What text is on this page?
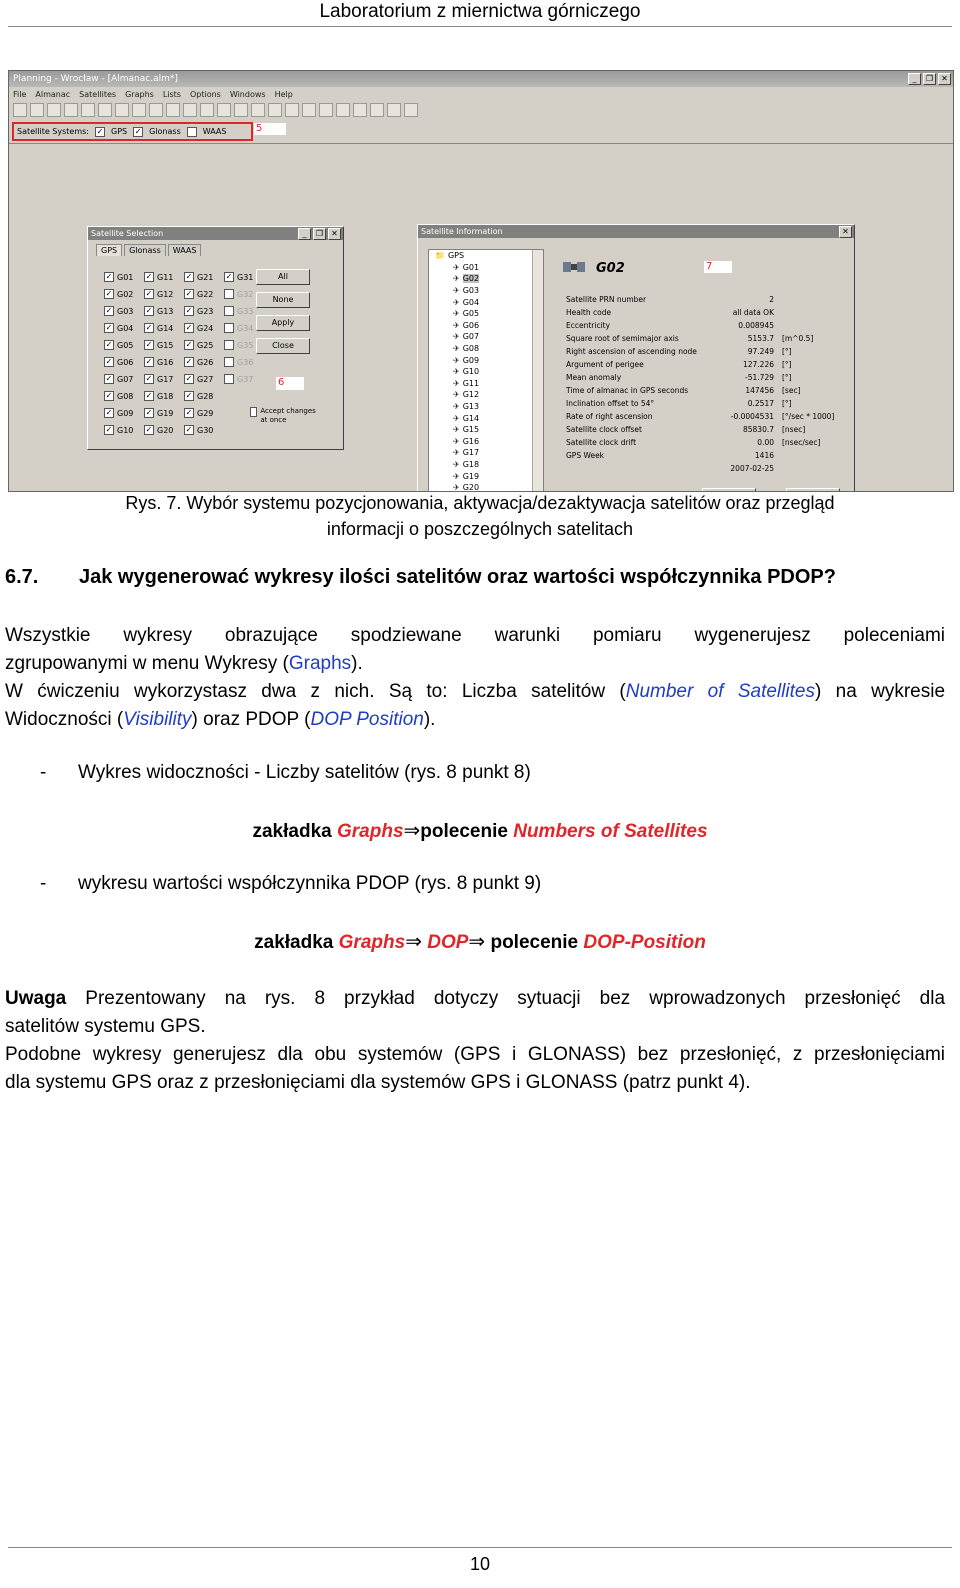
Laboratorium z miernictwa górniczego
Planning - Wrocław - [Almanac.alm*]	_	❐	✕
File Almanac Satellites Graphs Lists Options Windows Help
Satellite Systems: ✓ GPS ✓ Glonass	WAAS	5
Satellite Selection	_	❐	✕
GPS	Glonass	WAAS
✓ G01 ✓ G11 ✓ G21 ✓ G31
✓ G02 ✓ G12 ✓ G22	G32
✓ G03 ✓ G13 ✓ G23	G33
✓ G04 ✓ G14 ✓ G24	G34
✓ G05 ✓ G15 ✓ G25	G35
✓ G06 ✓ G16 ✓ G26	G36
✓ G07 ✓ G17 ✓ G27	G37
✓ G08 ✓ G18 ✓ G28
✓ G09 ✓ G19 ✓ G29
✓ G10 ✓ G20 ✓ G30
All
None
Apply
Close
6
Accept changes at once
Satellite Information	✕
📁 GPS
✈ G01
✈ G02
✈ G03
✈ G04
✈ G05
✈ G06
✈ G07
✈ G08
✈ G09
✈ G10
✈ G11
✈ G12
✈ G13
✈ G14
✈ G15
✈ G16
✈ G17
✈ G18
✈ G19
✈ G20
G02	7
Satellite PRN number	2
Health code	all data OK
Eccentricity	0.008945
Square root of semimajor axis	5153.7	[m^0.5]
Right ascension of ascending node	97.249	[°]
Argument of perigee	127.226	[°]
Mean anomaly	-51.729	[°]
Time of almanac in GPS seconds	147456	[sec]
Inclination offset to 54°	0.2517	[°]
Rate of right ascension	-0.0004531	[°/sec * 1000]
Satellite clock offset	85830.7	[nsec]
Satellite clock drift	0.00	[nsec/sec]
GPS Week	1416
2007-02-25
Rys. 7. Wybór systemu pozycjonowania, aktywacja/dezaktywacja satelitów oraz przegląd
informacji o poszczególnych satelitach
6.7. Jak wygenerować wykresy ilości satelitów oraz wartości współczynnika PDOP?
Wszystkie wykresy obrazujące spodziewane warunki pomiaru wygenerujesz poleceniami
zgrupowanymi w menu Wykresy (Graphs).
W ćwiczeniu wykorzystasz dwa z nich. Są to: Liczba satelitów (Number of Satellites) na wykresie
Widoczności (Visibility) oraz PDOP (DOP Position).
- Wykres widoczności - Liczby satelitów (rys. 8 punkt 8)
zakładka Graphs⇒polecenie Numbers of Satellites
- wykresu wartości współczynnika PDOP (rys. 8 punkt 9)
zakładka Graphs⇒ DOP⇒ polecenie DOP-Position
Uwaga Prezentowany na rys. 8 przykład dotyczy sytuacji bez wprowadzonych przesłonięć dla
satelitów systemu GPS.
Podobne wykresy generujesz dla obu systemów (GPS i GLONASS) bez przesłonięć, z przesłonięciami
dla systemu GPS oraz z przesłonięciami dla systemów GPS i GLONASS (patrz punkt 4).
10
